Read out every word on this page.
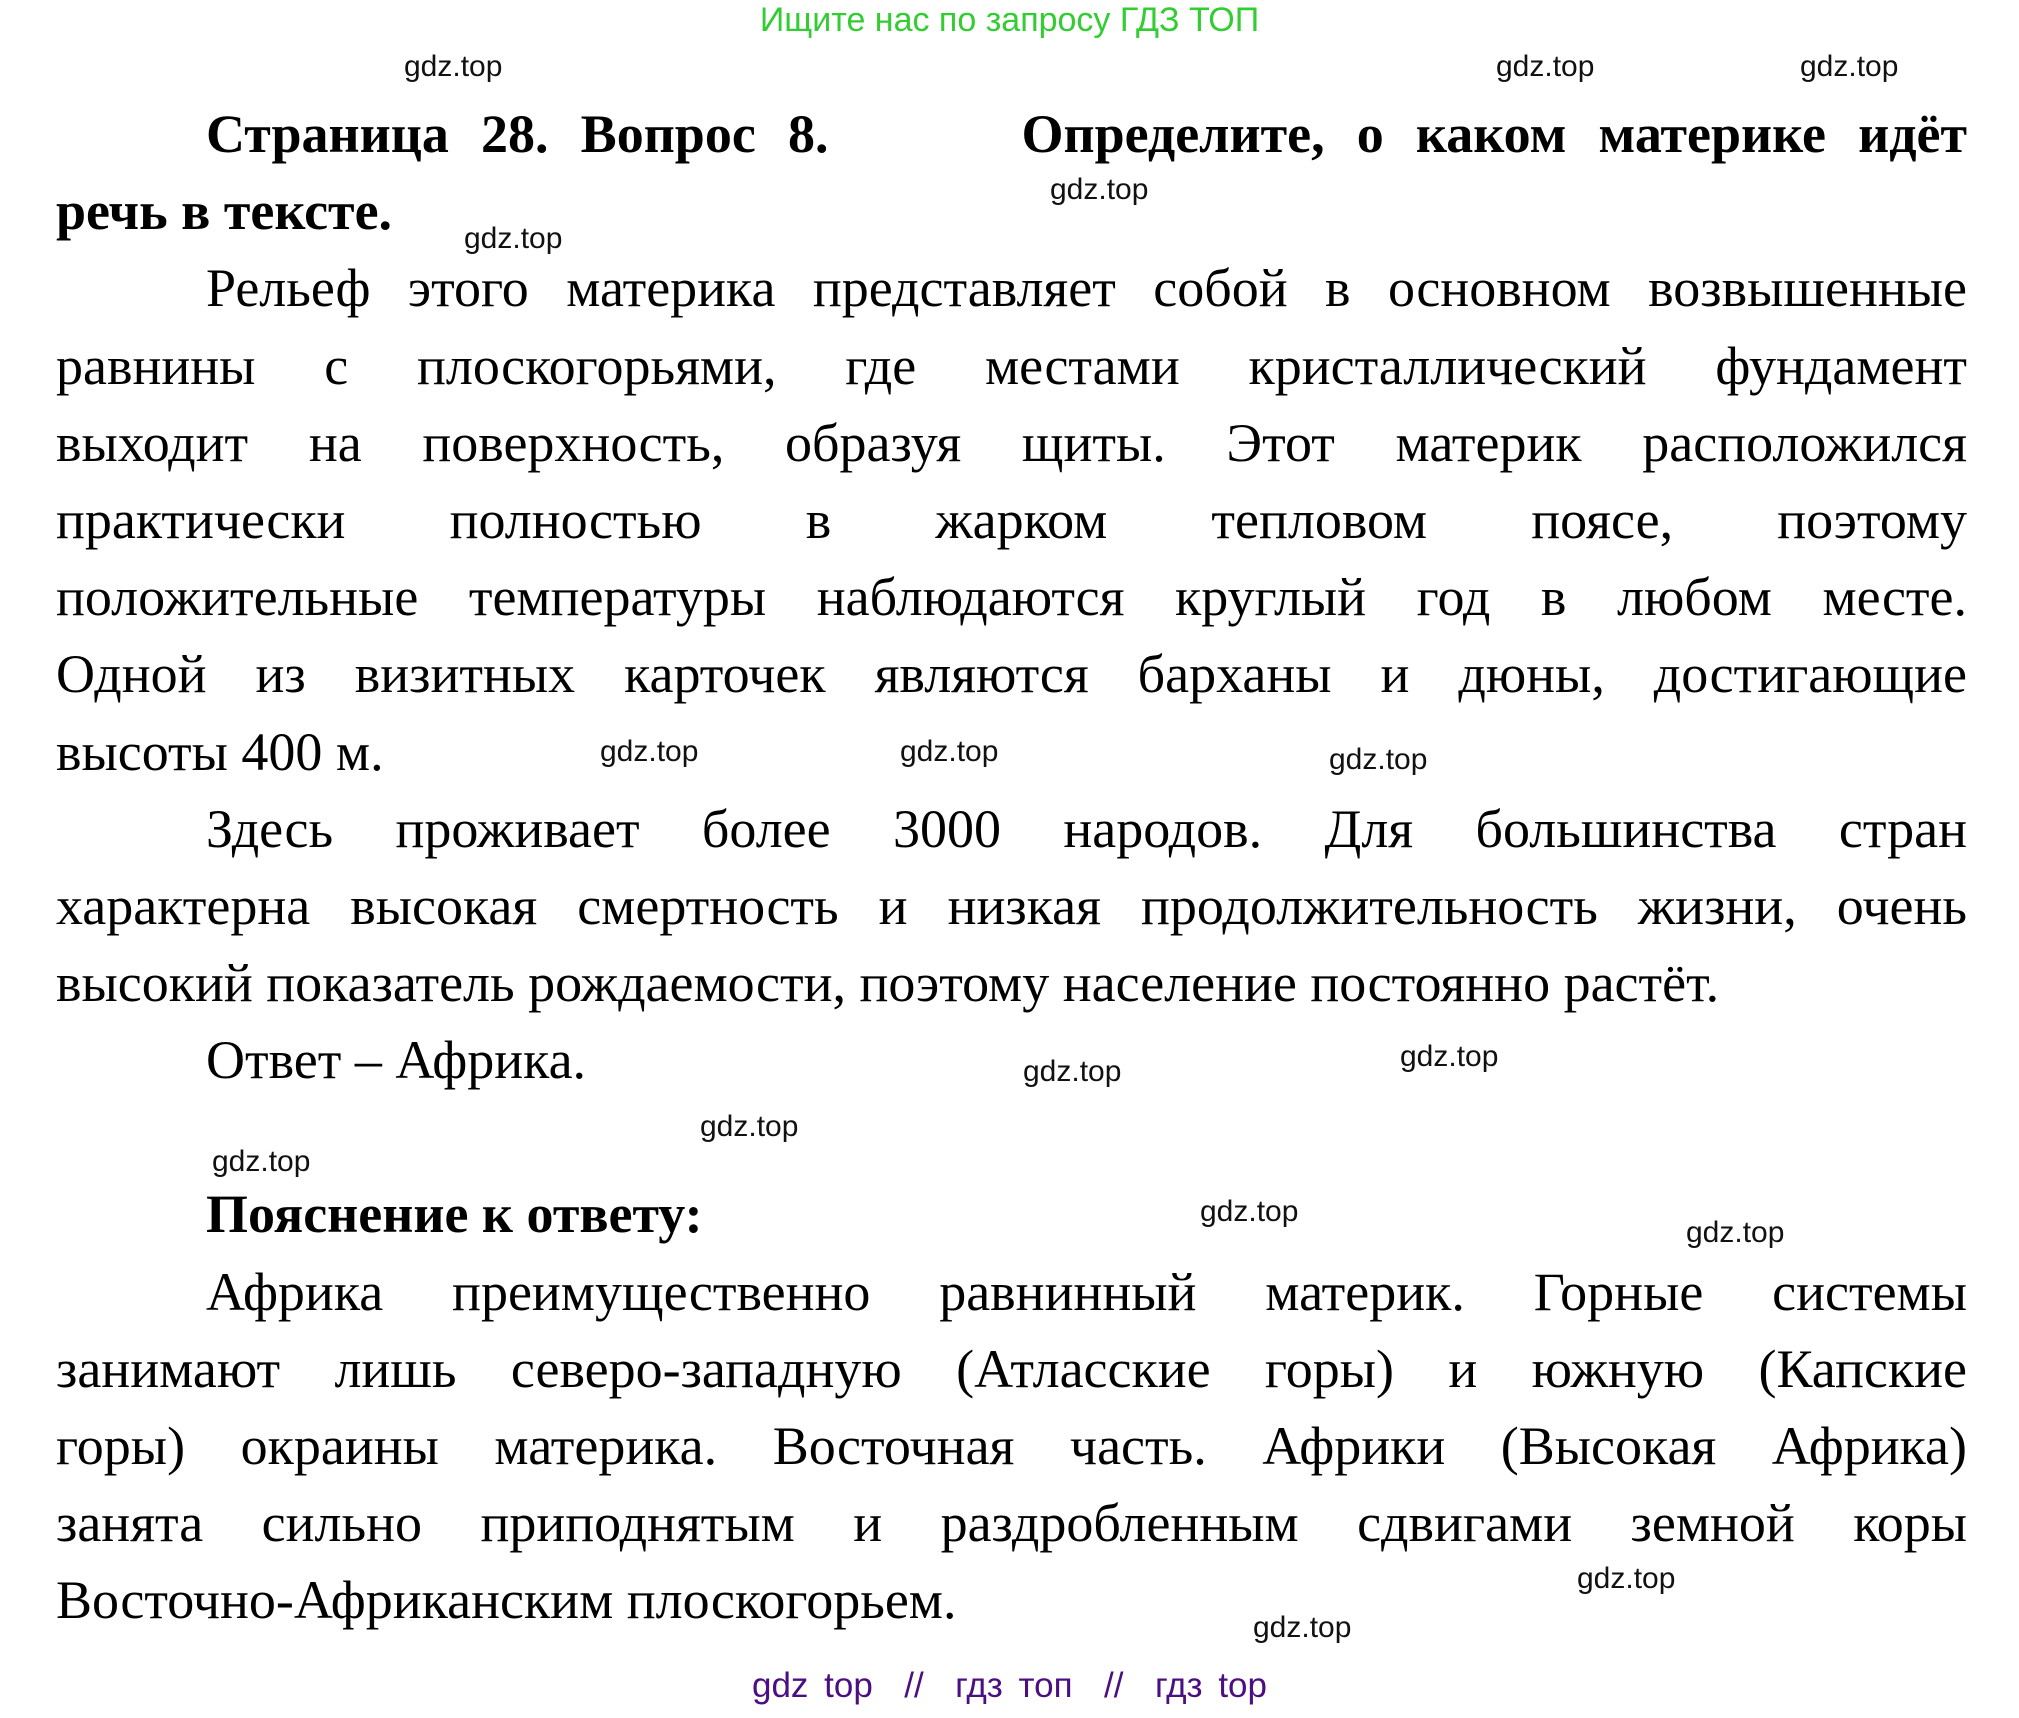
Ищите нас по запросу ГДЗ ТОП
Страница 28. Вопрос 8.      Определите, о каком материке идёт
речь в тексте.
Рельеф этого материка представляет собой в основном возвышенные
равнины с плоскогорьями, где местами кристаллический фундамент
выходит на поверхность, образуя щиты. Этот материк расположился
практически полностью в жарком тепловом поясе, поэтому
положительные температуры наблюдаются круглый год в любом месте.
Одной из визитных карточек являются барханы и дюны, достигающие
высоты 400 м.
Здесь проживает более 3000 народов. Для большинства стран
характерна высокая смертность и низкая продолжительность жизни, очень
высокий показатель рождаемости, поэтому население постоянно растёт.
Ответ – Африка.
Пояснение к ответу:
Африка преимущественно равнинный материк. Горные системы
занимают лишь северо-западную (Атласские горы) и южную (Капские
горы) окраины материка. Восточная часть. Африки (Высокая Африка)
занята сильно приподнятым и раздробленным сдвигами земной коры
Восточно-Африканским плоскогорьем.
gdz.top	gdz.top	gdz.top
gdz.top
gdz.top
gdz.top	gdz.top	gdz.top
gdz.top	gdz.top
gdz.top
gdz.top
gdz.top
gdz.top
gdz.top
gdz.top
gdz top  //  гдз топ  //  гдз top
